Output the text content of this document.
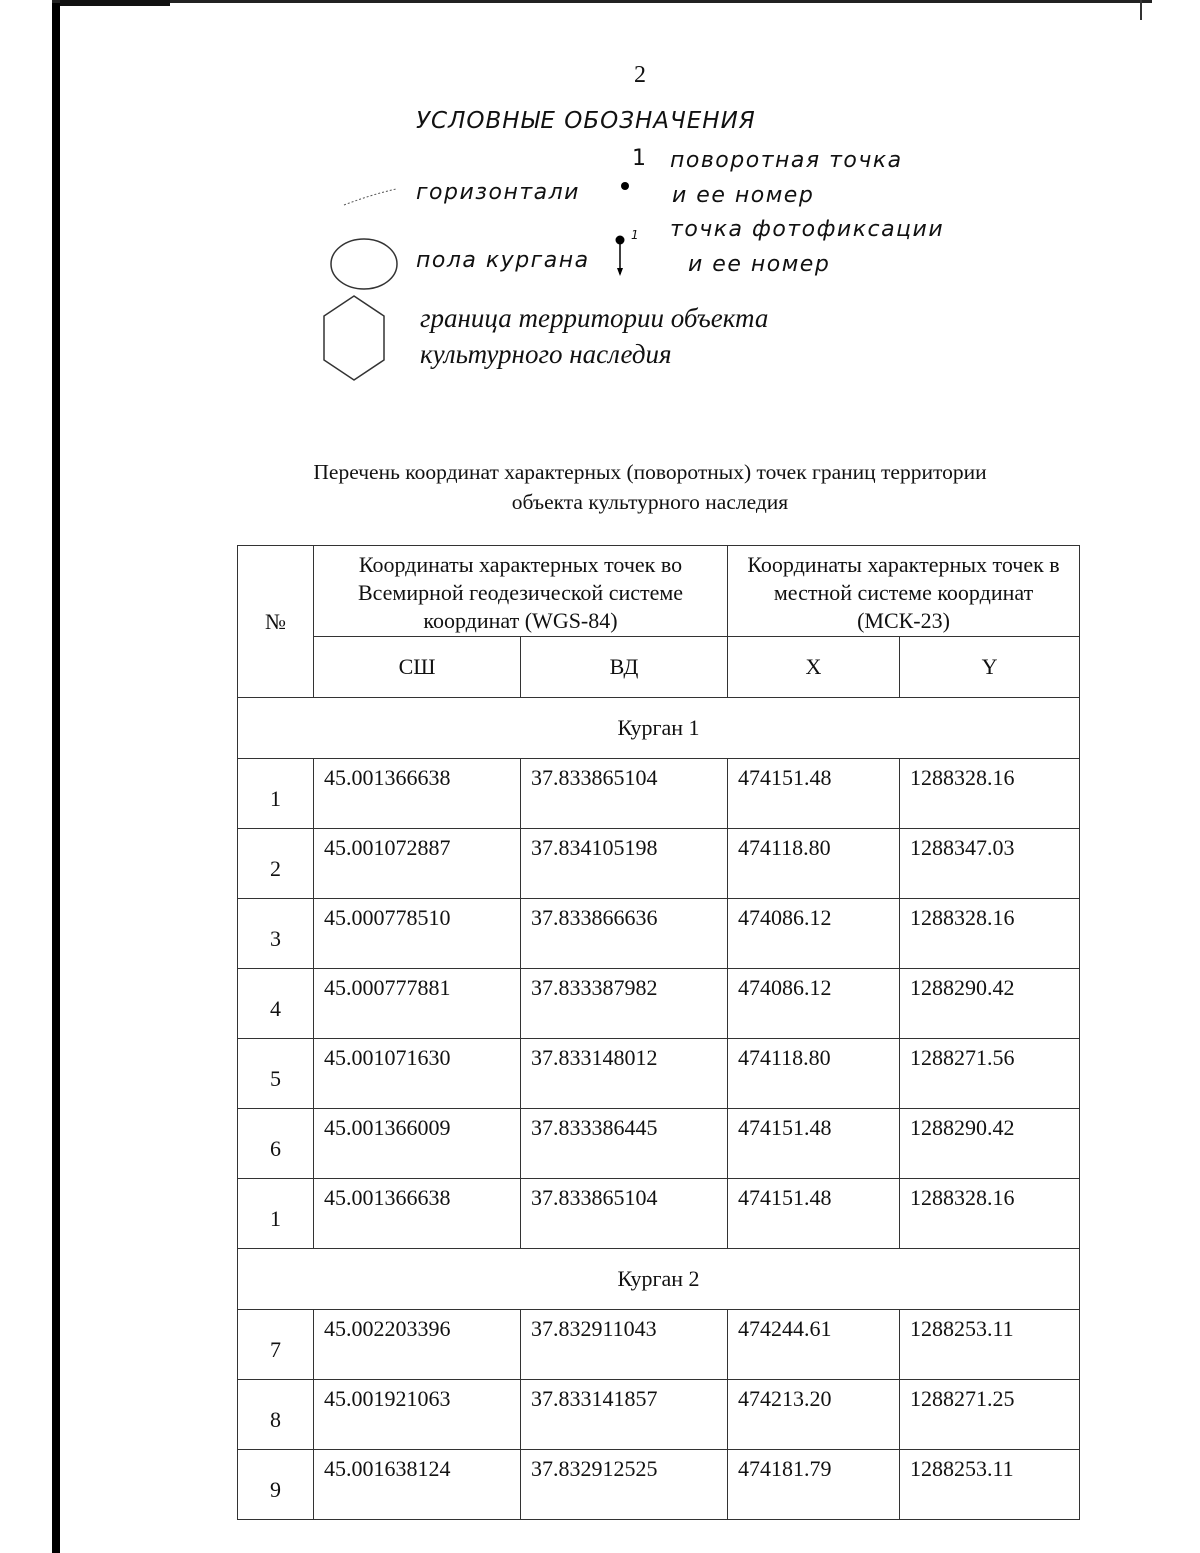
2
УСЛОВНЫЕ ОБОЗНАЧЕНИЯ
горизонтали
1 поворотная точка
и ее номер
пола кургана
1 точка фотофиксации
и ее номер
граница территории объекта
культурного наследия
Перечень координат характерных (поворотных) точек границ территории
объекта культурного наследия
№	Координаты характерных точек во Всемирной геодезической системе координат (WGS-84)		Координаты характерных точек в местной системе координат (МСК-23)	
	СШ	ВД	X	Y
Курган 1				
1	45.001366638	37.833865104	474151.48	1288328.16
2	45.001072887	37.834105198	474118.80	1288347.03
3	45.000778510	37.833866636	474086.12	1288328.16
4	45.000777881	37.833387982	474086.12	1288290.42
5	45.001071630	37.833148012	474118.80	1288271.56
6	45.001366009	37.833386445	474151.48	1288290.42
1	45.001366638	37.833865104	474151.48	1288328.16
Курган 2				
7	45.002203396	37.832911043	474244.61	1288253.11
8	45.001921063	37.833141857	474213.20	1288271.25
9	45.001638124	37.832912525	474181.79	1288253.11
